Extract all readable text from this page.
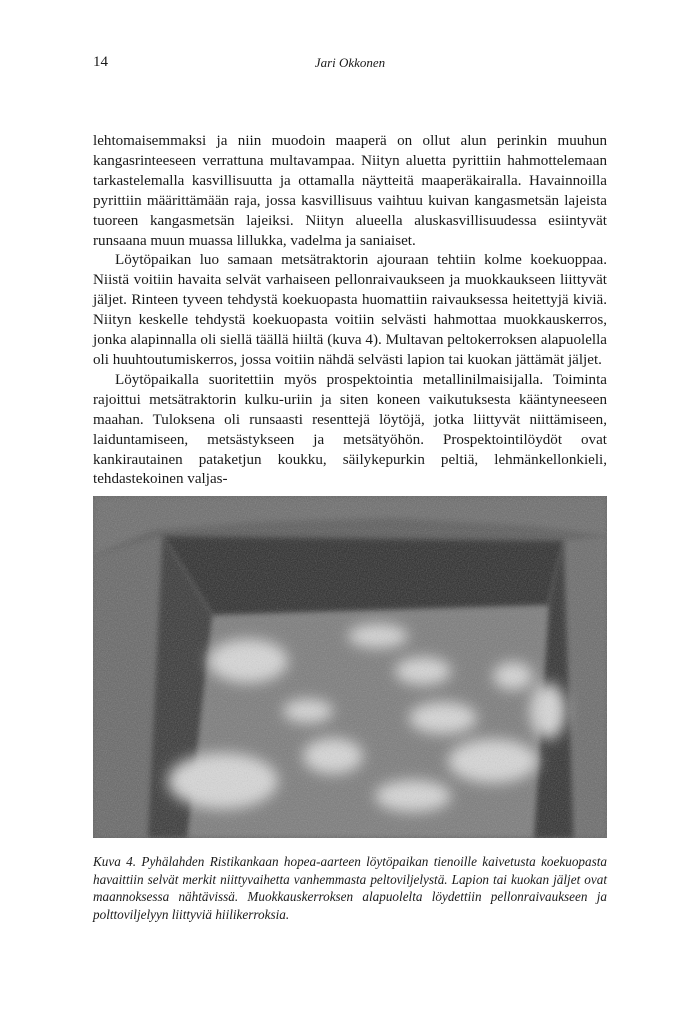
14	Jari Okkonen

lehtomaisemmaksi ja niin muodoin maaperä on ollut alun perinkin muuhun kangasrinteeseen verrattuna multavampaa. Niityn aluetta pyrittiin hahmottelemaan tarkastelemalla kasvillisuutta ja ottamalla näytteitä maaperäkairalla. Havainnoilla pyrittiin määrittämään raja, jossa kasvillisuus vaihtuu kuivan kangasmetsän lajeista tuoreen kangasmetsän lajeiksi. Niityn alueella aluskasvillisuudessa esiintyvät runsaana muun muassa lillukka, vadelma ja saniaiset.

Löytöpaikan luo samaan metsätraktorin ajouraan tehtiin kolme koekuoppaa. Niistä voitiin havaita selvät varhaiseen pellonraivaukseen ja muokkaukseen liittyvät jäljet. Rinteen tyveen tehdystä koekuopasta huomattiin raivauksessa heitettyjä kiviä. Niityn keskelle tehdystä koekuopasta voitiin selvästi hahmottaa muokkauskerros, jonka alapinnalla oli siellä täällä hiiltä (kuva 4). Multavan peltokerroksen alapuolella oli huuhtoutumiskerros, jossa voitiin nähdä selvästi lapion tai kuokan jättämät jäljet.

Löytöpaikalla suoritettiin myös prospektointia metallinilmaisijalla. Toiminta rajoittui metsätraktorin kulku-uriin ja siten koneen vaikutuksesta kääntyneeseen maahan. Tuloksena oli runsaasti resenttejä löytöjä, jotka liittyvät niittämiseen, laiduntamiseen, metsästykseen ja metsätyöhön. Prospektointilöydöt ovat kankirautainen pataketjun koukku, säilykepurkin peltiä, lehmänkellonkieli, tehdastekoinen valjas-

Kuva 4. Pyhälahden Ristikankaan hopea-aarteen löytöpaikan tienoille kaivetusta koekuopasta havaittiin selvät merkit niittyvaihetta vanhemmasta peltoviljelystä. Lapion tai kuokan jäljet ovat maannoksessa nähtävissä. Muokkauskerroksen alapuolelta löydettiin pellonraivaukseen ja polttoviljelyyn liittyviä hiilikerroksia.
